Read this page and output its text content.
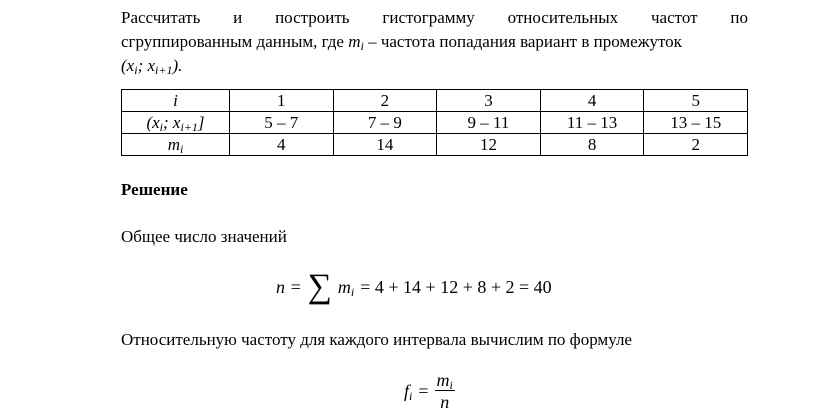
Рассчитать и построить гистограмму относительных частот по
сгруппированным данным, где $m_i$ – частота попадания вариант в промежуток
($x_i$; $x_{i+1}$).

i	1	2	3	4	5
($x_i$; $x_{i+1}$]	5 – 7	7 – 9	9 – 11	11 – 13	13 – 15
$m_i$	4	14	12	8	2

Решение

Общее число значений

n = ∑ $m_i = 4 + 14 + 12 + 8 + 2 = 40$

Относительную частоту для каждого интервала вычислим по формуле

$f_i = \frac{m_i}{n}$
